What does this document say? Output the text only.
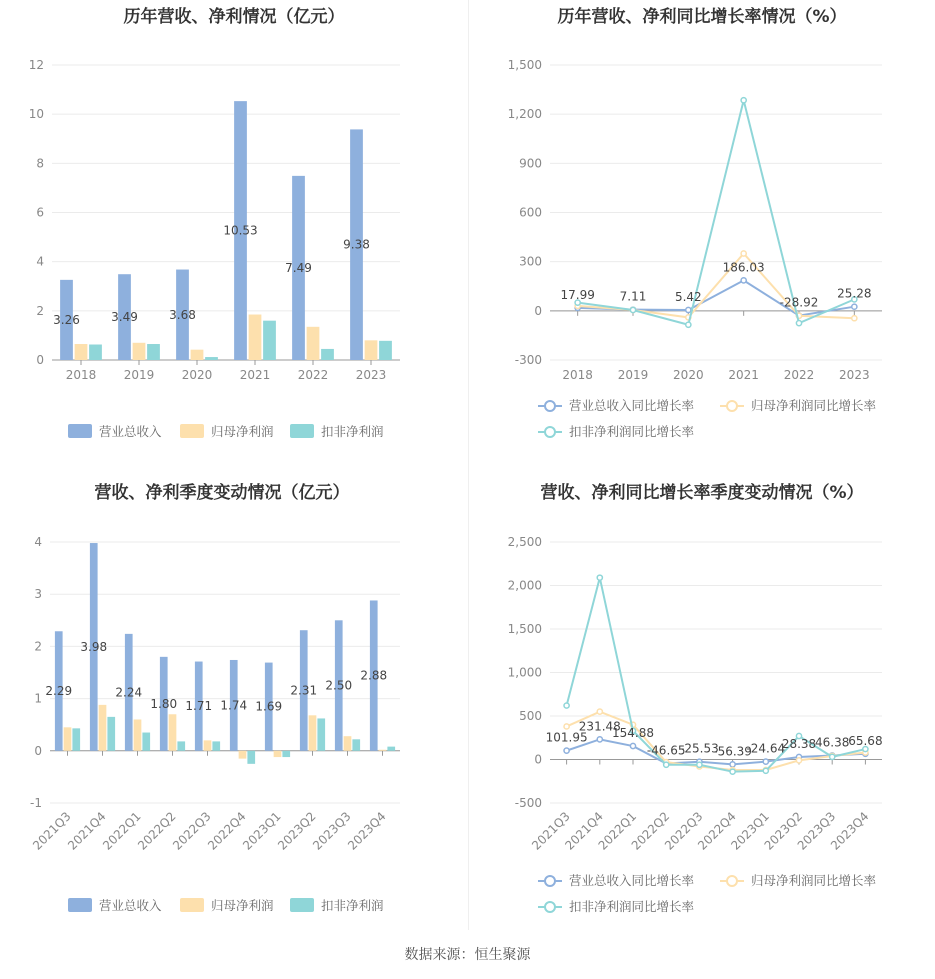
历年营收、净利情况（亿元）
0
2
4
6
8
10
12
2018 2019 2020 2021 2022 2023
3.26	3.49	3.68
10.53
7.49
9.38
营业总收入	归母净利润	扣非净利润
历年营收、净利同比增长率情况（%）
-300
0
300
600
900
1,200
1,500
2018 2019 2020 2021 2022 2023
17.99 7.11 5.42
186.03
-28.92
25.28
营业总收入同比增长率	归母净利润同比增长率
扣非净利润同比增长率
营收、净利季度变动情况（亿元）
-1
0
1
2
3
4
2021Q3
2021Q4
2022Q1
2022Q2
2022Q3
2022Q4
2023Q1
2023Q2
2023Q3
2023Q4
2.29
3.98
2.24
1.80 1.71 1.74 1.69
2.31 2.50
2.88
营业总收入	归母净利润	扣非净利润
营收、净利同比增长率季度变动情况（%）
-500
0
500
1,000
1,500
2,000
2,500
2021Q3
2021Q4
2022Q1
2022Q2
2022Q3
2022Q4
2023Q1
2023Q2
2023Q3
2023Q4
101.95
231.48
154.88
-46.65
-25.53
-56.39
-24.64
28.38
46.38
65.68
营业总收入同比增长率	归母净利润同比增长率
扣非净利润同比增长率
数据来源：恒生聚源
